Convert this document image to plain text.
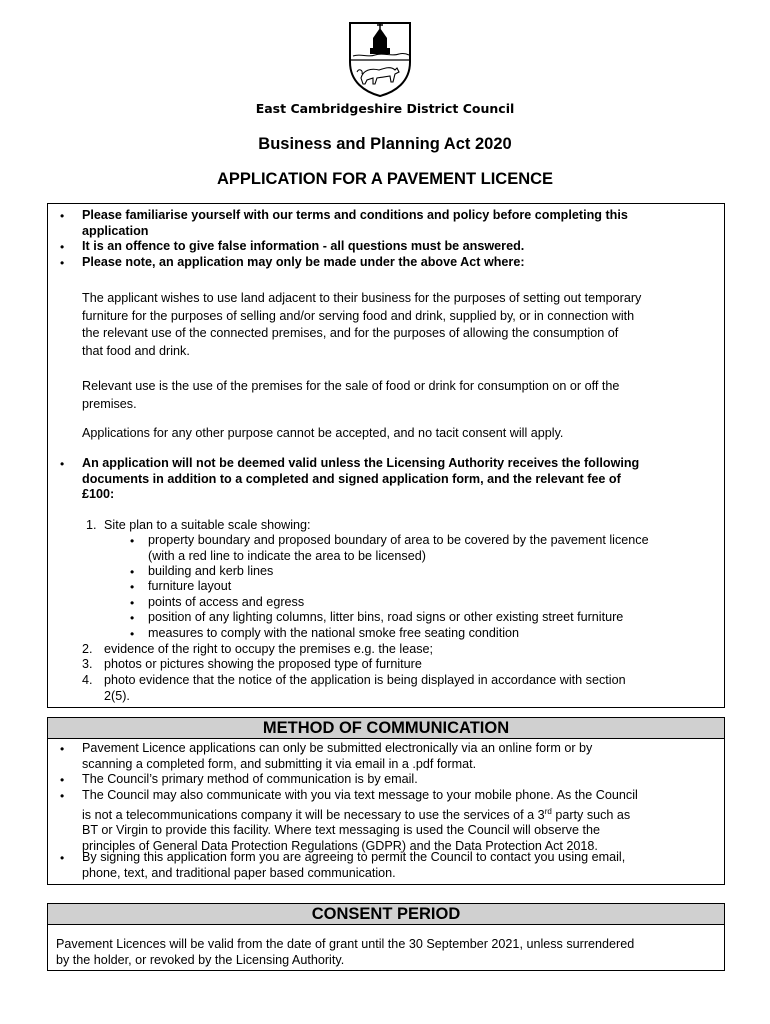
East Cambridgeshire District Council
Business and Planning Act 2020
APPLICATION FOR A PAVEMENT LICENCE
• Please familiarise yourself with our terms and conditions and policy before completing this
application
• It is an offence to give false information - all questions must be answered.
• Please note, an application may only be made under the above Act where:
The applicant wishes to use land adjacent to their business for the purposes of setting out temporary
furniture for the purposes of selling and/or serving food and drink, supplied by, or in connection with
the relevant use of the connected premises, and for the purposes of allowing the consumption of
that food and drink.
Relevant use is the use of the premises for the sale of food or drink for consumption on or off the
premises.
Applications for any other purpose cannot be accepted, and no tacit consent will apply.
• An application will not be deemed valid unless the Licensing Authority receives the following
documents in addition to a completed and signed application form, and the relevant fee of
£100:
1. Site plan to a suitable scale showing:
• property boundary and proposed boundary of area to be covered by the pavement licence
(with a red line to indicate the area to be licensed)
• building and kerb lines
• furniture layout
• points of access and egress
• position of any lighting columns, litter bins, road signs or other existing street furniture
• measures to comply with the national smoke free seating condition
2. evidence of the right to occupy the premises e.g. the lease;
3. photos or pictures showing the proposed type of furniture
4. photo evidence that the notice of the application is being displayed in accordance with section
2(5).
METHOD OF COMMUNICATION
• Pavement Licence applications can only be submitted electronically via an online form or by
scanning a completed form, and submitting it via email in a .pdf format.
• The Council’s primary method of communication is by email.
• The Council may also communicate with you via text message to your mobile phone. As the Council
is not a telecommunications company it will be necessary to use the services of a 3rd party such as
BT or Virgin to provide this facility. Where text messaging is used the Council will observe the
principles of General Data Protection Regulations (GDPR) and the Data Protection Act 2018.
• By signing this application form you are agreeing to permit the Council to contact you using email,
phone, text, and traditional paper based communication.
CONSENT PERIOD
Pavement Licences will be valid from the date of grant until the 30 September 2021, unless surrendered
by the holder, or revoked by the Licensing Authority.
